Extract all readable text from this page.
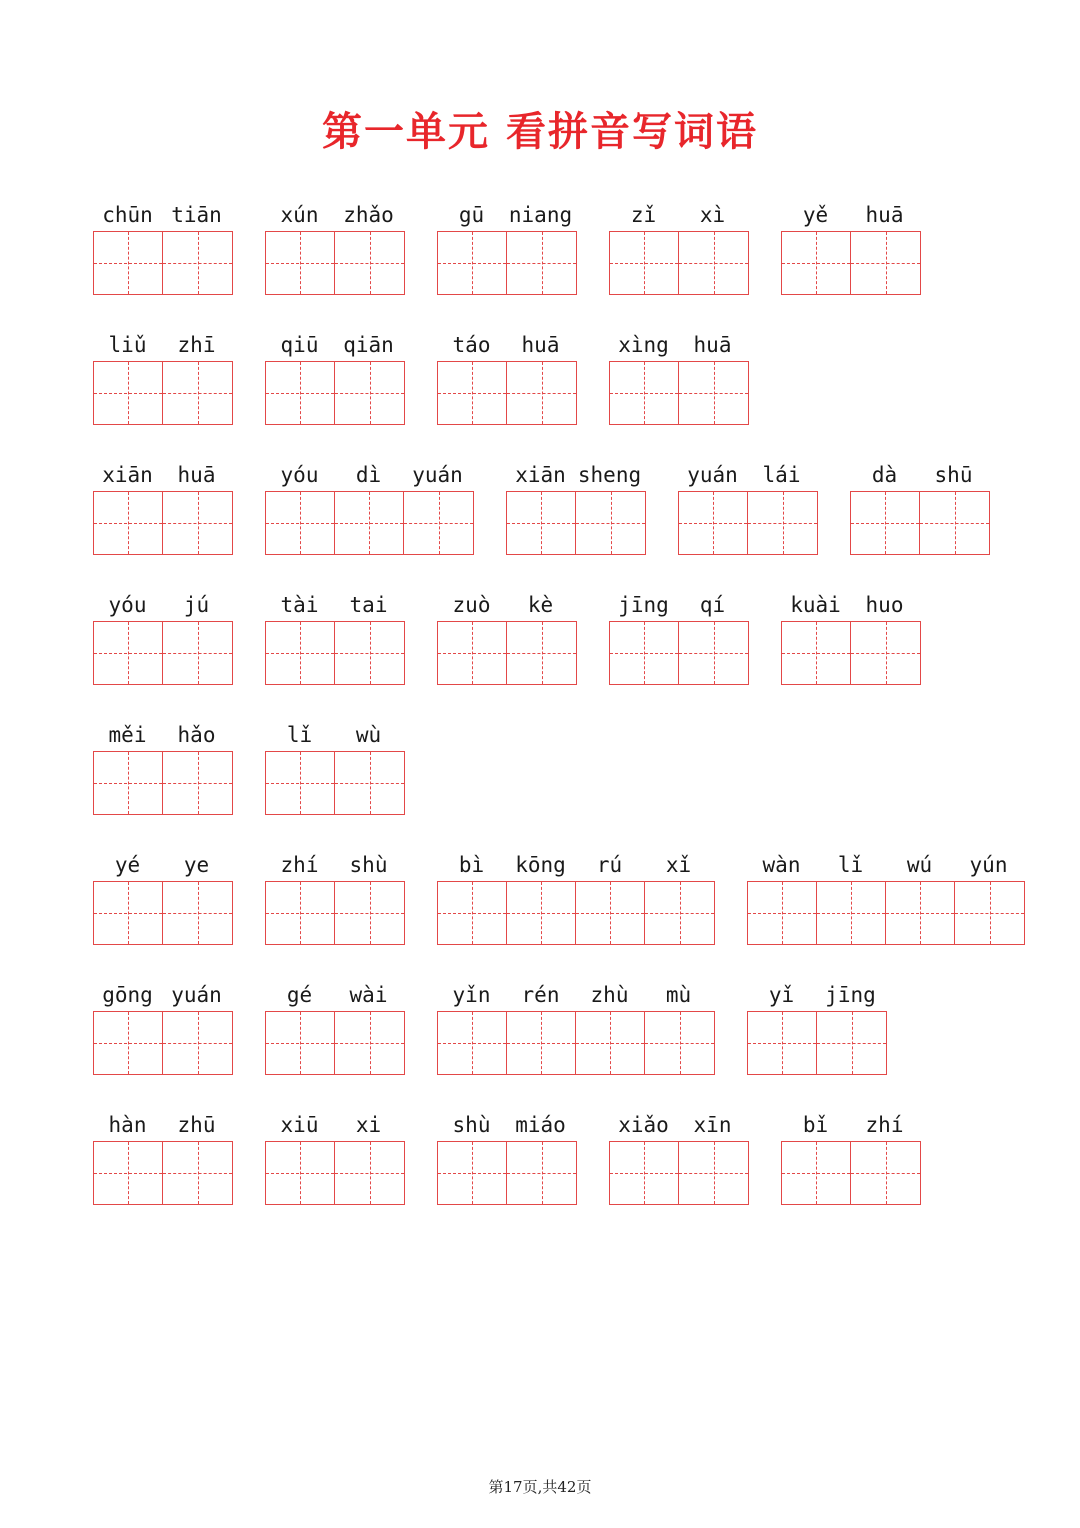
第一单元 看拼音写词语
chūn tiān	xún	zhǎo	gū	niang	zǐ	xì	yě	huā
liǔ	zhī	qiū	qiān	táo	huā	xìng	huā
xiān	huā	yóu	dì	yuán	xiān sheng	yuán	lái	dà	shū
yóu	jú	tài	tai	zuò	kè	jīng	qí	kuài	huo
měi	hǎo	lǐ	wù
yé	ye	zhí	shù	bì	kōng	rú	xǐ	wàn	lǐ	wú	yún
gōng yuán	gé	wài	yǐn	rén	zhù	mù	yǐ	jīng
hàn	zhū	xiū	xi	shù	miáo	xiǎo	xīn	bǐ	zhí
第17页,共42页
